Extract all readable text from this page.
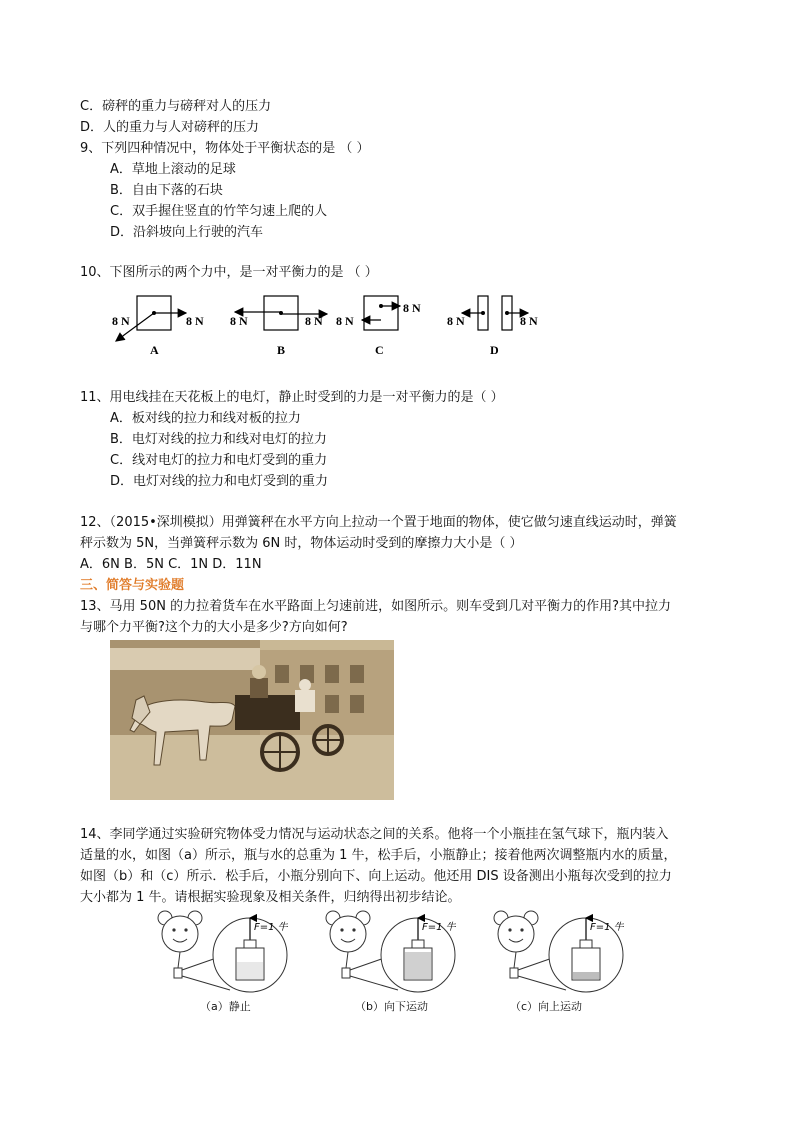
C．磅秤的重力与磅秤对人的压力
D．人的重力与人对磅秤的压力
9、下列四种情况中，物体处于平衡状态的是 （ ）
A．草地上滚动的足球
B．自由下落的石块
C．双手握住竖直的竹竿匀速上爬的人
D．沿斜坡向上行驶的汽车
10、下图所示的两个力中，是一对平衡力的是 （ ）
8 N	8 N
A
8 N	8 N
B
8 N
8 N
C
8 N	8 N
D
11、用电线挂在天花板上的电灯，静止时受到的力是一对平衡力的是（ ）
A．板对线的拉力和线对板的拉力
B．电灯对线的拉力和线对电灯的拉力
C．线对电灯的拉力和电灯受到的重力
D．电灯对线的拉力和电灯受到的重力
12、（2015•深圳模拟）用弹簧秤在水平方向上拉动一个置于地面的物体，使它做匀速直线运动时，弹簧
秤示数为 5N，当弹簧秤示数为 6N 时，物体运动时受到的摩擦力大小是（ ）
A．6N B．5N C．1N D．11N
三、简答与实验题
13、马用 50N 的力拉着货车在水平路面上匀速前进，如图所示。则车受到几对平衡力的作用?其中拉力
与哪个力平衡?这个力的大小是多少?方向如何?
14、李同学通过实验研究物体受力情况与运动状态之间的关系。他将一个小瓶挂在氢气球下，瓶内装入
适量的水，如图（a）所示，瓶与水的总重为 1 牛，松手后，小瓶静止；接着他两次调整瓶内水的质量，
如图（b）和（c）所示．松手后，小瓶分别向下、向上运动。他还用 DIS 设备测出小瓶每次受到的拉力
大小都为 1 牛。请根据实验现象及相关条件，归纳得出初步结论。
F=1 牛	F=1 牛	F=1 牛
（a）静止	（b）向下运动	（c）向上运动
